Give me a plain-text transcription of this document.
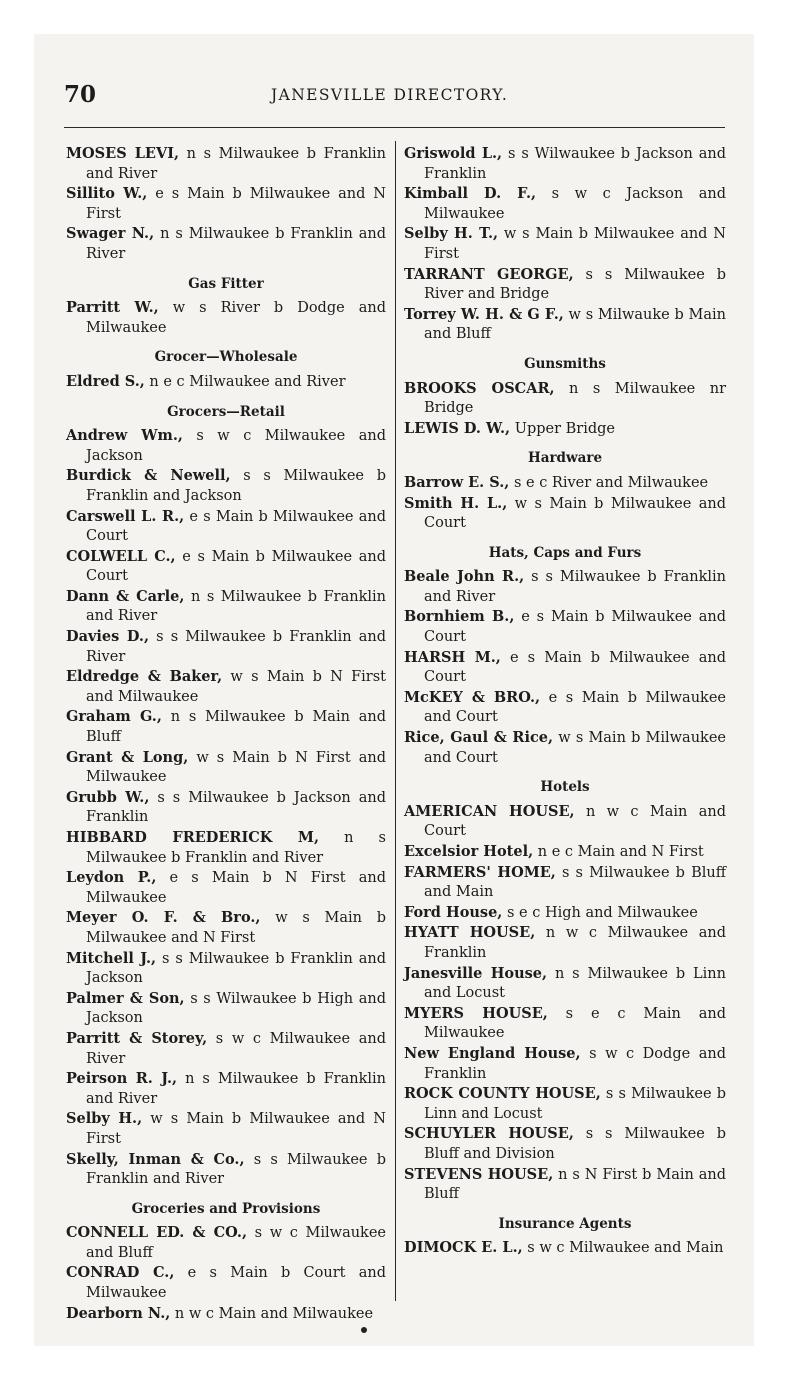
70	JANESVILLE DIRECTORY.
MOSES LEVI, n s Milwaukee b Franklin and River
Sillito W., e s Main b Milwaukee and N First
Swager N., n s Milwaukee b Franklin and River
Gas Fitter
Parritt W., w s River b Dodge and Milwaukee
Grocer—Wholesale
Eldred S., n e c Milwaukee and River
Grocers—Retail
Andrew Wm., s w c Milwaukee and Jackson
Burdick & Newell, s s Milwaukee b Franklin and Jackson
Carswell L. R., e s Main b Milwaukee and Court
COLWELL C., e s Main b Milwaukee and Court
Dann & Carle, n s Milwaukee b Franklin and River
Davies D., s s Milwaukee b Franklin and River
Eldredge & Baker, w s Main b N First and Milwaukee
Graham G., n s Milwaukee b Main and Bluff
Grant & Long, w s Main b N First and Milwaukee
Grubb W., s s Milwaukee b Jackson and Franklin
HIBBARD FREDERICK M, n s Milwaukee b Franklin and River
Leydon P., e s Main b N First and Milwaukee
Meyer O. F. & Bro., w s Main b Milwaukee and N First
Mitchell J., s s Milwaukee b Franklin and Jackson
Palmer & Son, s s Wilwaukee b High and Jackson
Parritt & Storey, s w c Milwaukee and River
Peirson R. J., n s Milwaukee b Franklin and River
Selby H., w s Main b Milwaukee and N First
Skelly, Inman & Co., s s Milwaukee b Franklin and River
Groceries and Provisions
CONNELL ED. & CO., s w c Milwaukee and Bluff
CONRAD C., e s Main b Court and Milwaukee
Dearborn N., n w c Main and Milwaukee
Griswold L., s s Wilwaukee b Jackson and Franklin
Kimball D. F., s w c Jackson and Milwaukee
Selby H. T., w s Main b Milwaukee and N First
TARRANT GEORGE, s s Milwaukee b River and Bridge
Torrey W. H. & G F., w s Milwauke b Main and Bluff
Gunsmiths
BROOKS OSCAR, n s Milwaukee nr Bridge
LEWIS D. W., Upper Bridge
Hardware
Barrow E. S., s e c River and Milwaukee
Smith H. L., w s Main b Milwaukee and Court
Hats, Caps and Furs
Beale John R., s s Milwaukee b Franklin and River
Bornhiem B., e s Main b Milwaukee and Court
HARSH M., e s Main b Milwaukee and Court
McKEY & BRO., e s Main b Milwaukee and Court
Rice, Gaul & Rice, w s Main b Milwaukee and Court
Hotels
AMERICAN HOUSE, n w c Main and Court
Excelsior Hotel, n e c Main and N First
FARMERS' HOME, s s Milwaukee b Bluff and Main
Ford House, s e c High and Milwaukee
HYATT HOUSE, n w c Milwaukee and Franklin
Janesville House, n s Milwaukee b Linn and Locust
MYERS HOUSE, s e c Main and Milwaukee
New England House, s w c Dodge and Franklin
ROCK COUNTY HOUSE, s s Milwaukee b Linn and Locust
SCHUYLER HOUSE, s s Milwaukee b Bluff and Division
STEVENS HOUSE, n s N First b Main and Bluff
Insurance Agents
DIMOCK E. L., s w c Milwaukee and Main
